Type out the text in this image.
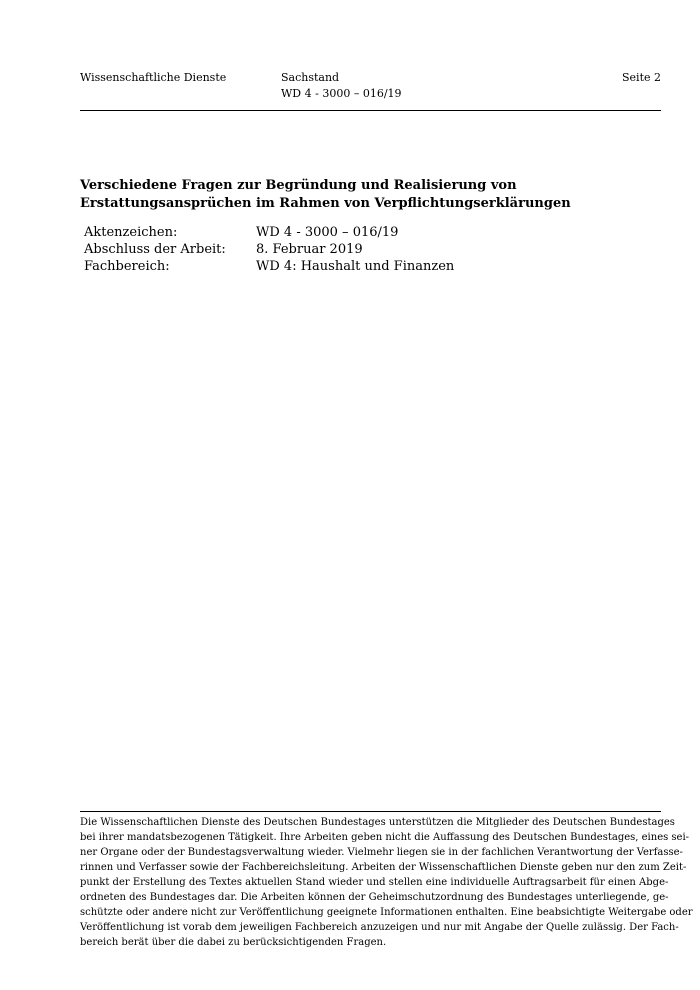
Wissenschaftliche Dienste	Sachstand
WD 4 - 3000 – 016/19
Seite 2
Verschiedene Fragen zur Begründung und Realisierung von
Erstattungsansprüchen im Rahmen von Verpflichtungserklärungen
Aktenzeichen:	WD 4 - 3000 – 016/19
Abschluss der Arbeit:	8. Februar 2019
Fachbereich:	WD 4: Haushalt und Finanzen
Die Wissenschaftlichen Dienste des Deutschen Bundestages unterstützen die Mitglieder des Deutschen Bundestages
bei ihrer mandatsbezogenen Tätigkeit. Ihre Arbeiten geben nicht die Auffassung des Deutschen Bundestages, eines sei-
ner Organe oder der Bundestagsverwaltung wieder. Vielmehr liegen sie in der fachlichen Verantwortung der Verfasse-
rinnen und Verfasser sowie der Fachbereichsleitung. Arbeiten der Wissenschaftlichen Dienste geben nur den zum Zeit-
punkt der Erstellung des Textes aktuellen Stand wieder und stellen eine individuelle Auftragsarbeit für einen Abge-
ordneten des Bundestages dar. Die Arbeiten können der Geheimschutzordnung des Bundestages unterliegende, ge-
schützte oder andere nicht zur Veröffentlichung geeignete Informationen enthalten. Eine beabsichtigte Weitergabe oder
Veröffentlichung ist vorab dem jeweiligen Fachbereich anzuzeigen und nur mit Angabe der Quelle zulässig. Der Fach-
bereich berät über die dabei zu berücksichtigenden Fragen.
